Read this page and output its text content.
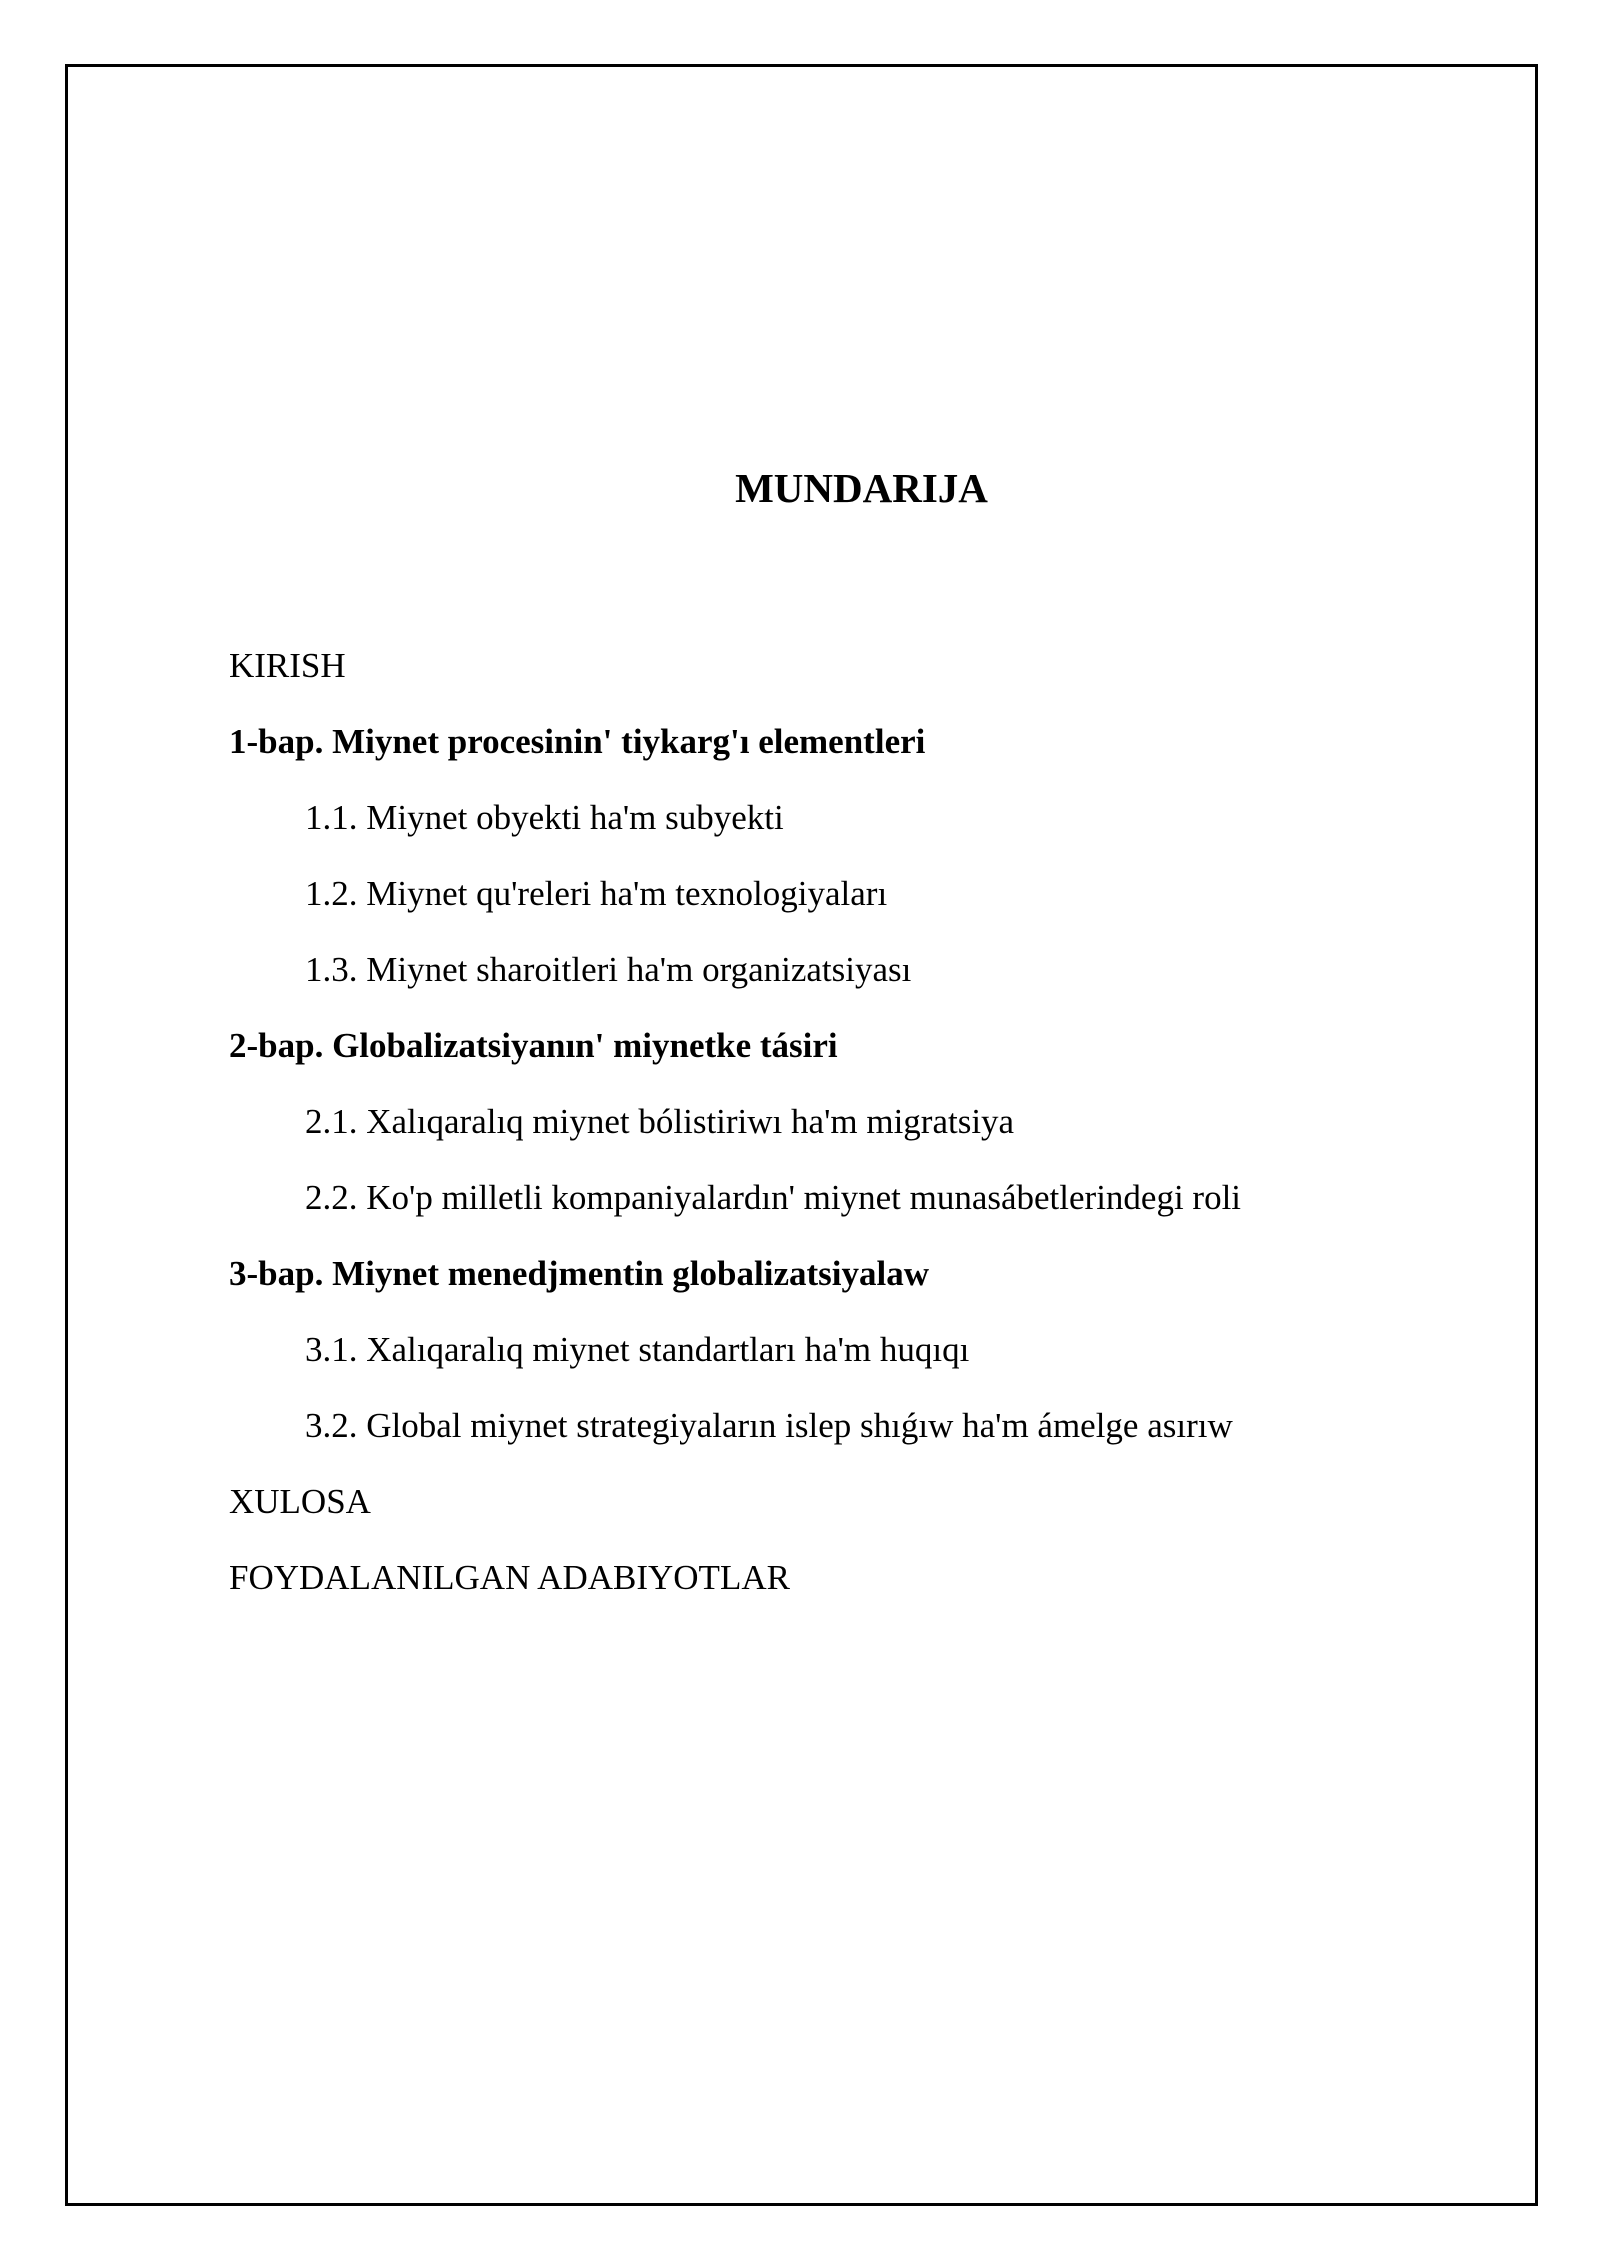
MUNDARIJA
KIRISH
1-bap. Miynet procesinin' tiykarg'ı elementleri
1.1. Miynet obyekti ha'm subyekti
1.2. Miynet qu'releri ha'm texnologiyaları
1.3. Miynet sharoitleri ha'm organizatsiyası
2-bap. Globalizatsiyanın' miynetke tásiri
2.1. Xalıqaralıq miynet bólistiriwı ha'm migratsiya
2.2. Ko'p milletli kompaniyalardın' miynet munasábetlerindegi roli
3-bap. Miynet menedjmentin globalizatsiyalaw
3.1. Xalıqaralıq miynet standartları ha'm huqıqı
3.2. Global miynet strategiyaların islep shıǵıw ha'm ámelge asırıw
XULOSA
FOYDALANILGAN ADABIYOTLAR
